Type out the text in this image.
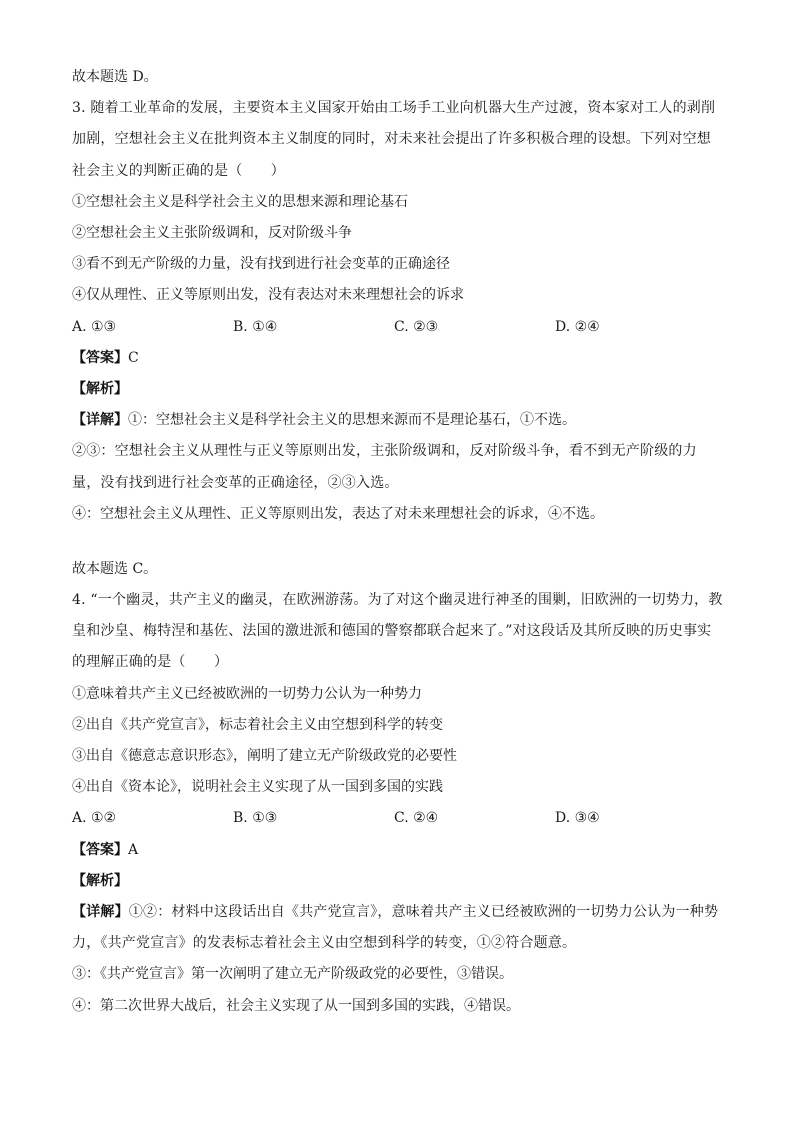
故本题选 D。
3. 随着工业革命的发展，主要资本主义国家开始由工场手工业向机器大生产过渡，资本家对工人的剥削加剧，空想社会主义在批判资本主义制度的同时，对未来社会提出了许多积极合理的设想。下列对空想社会主义的判断正确的是（　　）
①空想社会主义是科学社会主义的思想来源和理论基石
②空想社会主义主张阶级调和，反对阶级斗争
③看不到无产阶级的力量，没有找到进行社会变革的正确途径
④仅从理性、正义等原则出发，没有表达对未来理想社会的诉求
A. ①③	B. ①④	C. ②③	D. ②④
【答案】C
【解析】
【详解】①：空想社会主义是科学社会主义的思想来源而不是理论基石，①不选。
②③：空想社会主义从理性与正义等原则出发，主张阶级调和，反对阶级斗争，看不到无产阶级的力量，没有找到进行社会变革的正确途径，②③入选。
④：空想社会主义从理性、正义等原则出发，表达了对未来理想社会的诉求，④不选。
故本题选 C。
4. “一个幽灵，共产主义的幽灵，在欧洲游荡。为了对这个幽灵进行神圣的围剿，旧欧洲的一切势力，教皇和沙皇、梅特涅和基佐、法国的激进派和德国的警察都联合起来了。”对这段话及其所反映的历史事实的理解正确的是（　　）
①意味着共产主义已经被欧洲的一切势力公认为一种势力
②出自《共产党宣言》，标志着社会主义由空想到科学的转变
③出自《德意志意识形态》，阐明了建立无产阶级政党的必要性
④出自《资本论》，说明社会主义实现了从一国到多国的实践
A. ①②	B. ①③	C. ②④	D. ③④
【答案】A
【解析】
【详解】①②：材料中这段话出自《共产党宣言》，意味着共产主义已经被欧洲的一切势力公认为一种势力，《共产党宣言》的发表标志着社会主义由空想到科学的转变，①②符合题意。
③：《共产党宣言》第一次阐明了建立无产阶级政党的必要性，③错误。
④：第二次世界大战后，社会主义实现了从一国到多国的实践，④错误。
